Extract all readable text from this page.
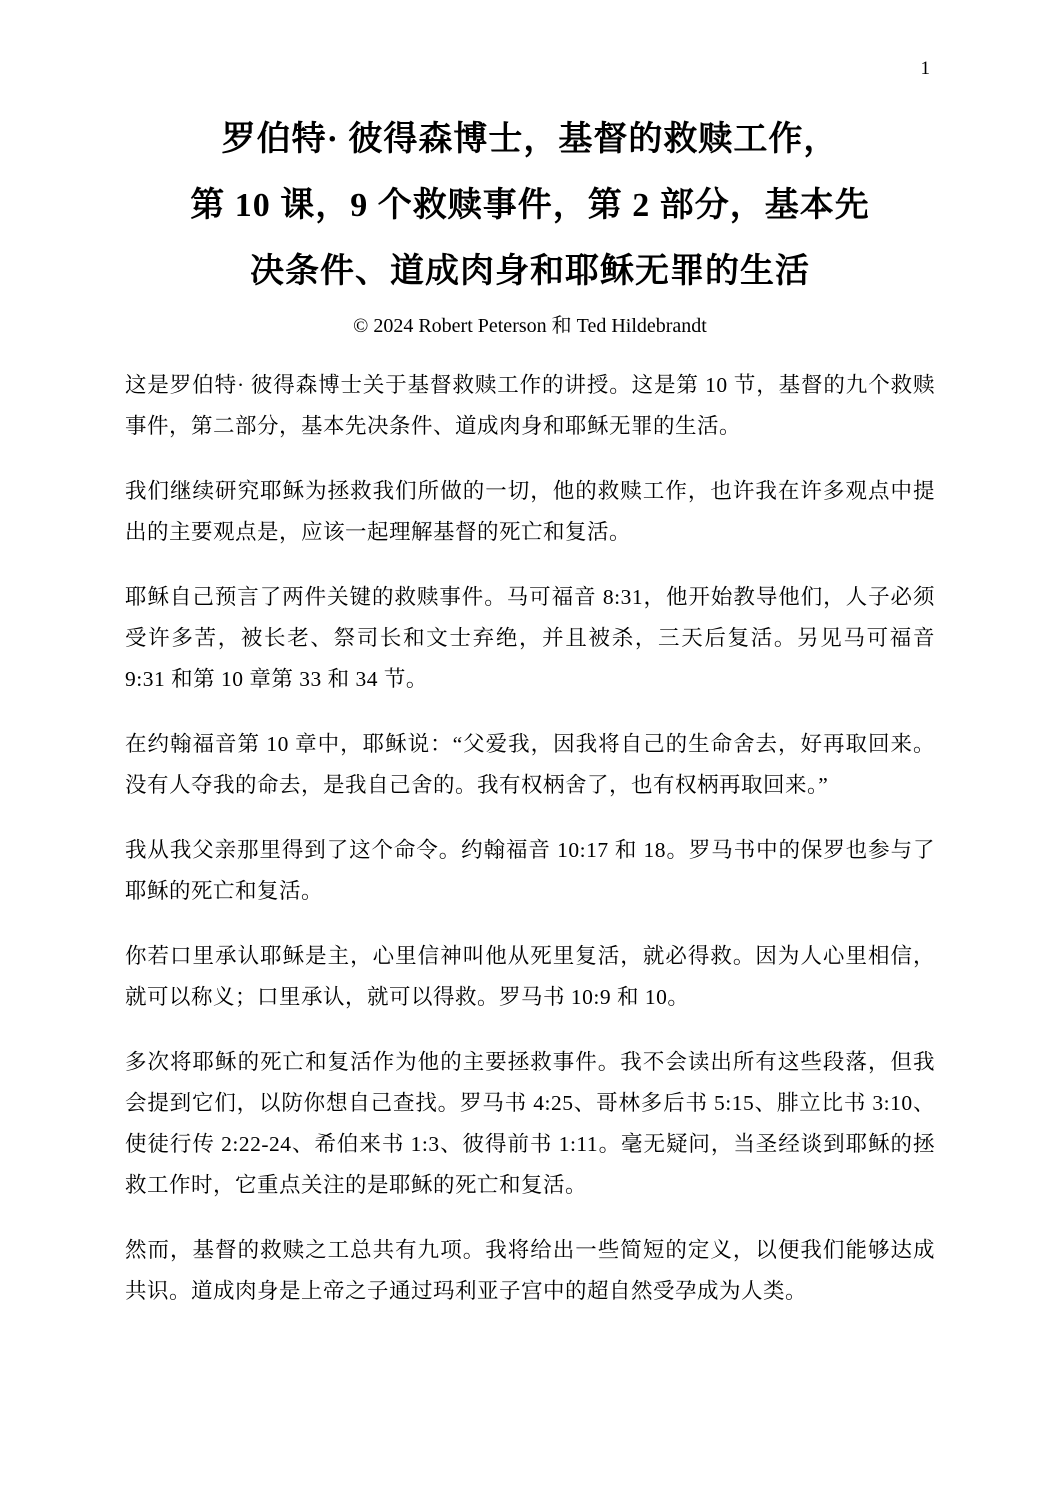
1
罗伯特· 彼得森博士，基督的救赎工作，
第 10 课，9 个救赎事件，第 2 部分，基本先
决条件、道成肉身和耶稣无罪的生活
© 2024 Robert Peterson 和 Ted Hildebrandt

这是罗伯特· 彼得森博士关于基督救赎工作的讲授。这是第 10 节，基督的九个救赎事件，第二部分，基本先决条件、道成肉身和耶稣无罪的生活。

我们继续研究耶稣为拯救我们所做的一切，他的救赎工作，也许我在许多观点中提出的主要观点是，应该一起理解基督的死亡和复活。

耶稣自己预言了两件关键的救赎事件。马可福音 8:31，他开始教导他们，人子必须受许多苦，被长老、祭司长和文士弃绝，并且被杀，三天后复活。另见马可福音 9:31 和第 10 章第 33 和 34 节。

在约翰福音第 10 章中，耶稣说：“父爱我，因我将自己的生命舍去，好再取回来。没有人夺我的命去，是我自己舍的。我有权柄舍了，也有权柄再取回来。”

我从我父亲那里得到了这个命令。约翰福音 10:17 和 18。罗马书中的保罗也参与了耶稣的死亡和复活。

你若口里承认耶稣是主，心里信神叫他从死里复活，就必得救。因为人心里相信，就可以称义；口里承认，就可以得救。罗马书 10:9 和 10。

多次将耶稣的死亡和复活作为他的主要拯救事件。我不会读出所有这些段落，但我会提到它们，以防你想自己查找。罗马书 4:25、哥林多后书 5:15、腓立比书 3:10、使徒行传 2:22-24、希伯来书 1:3、彼得前书 1:11。毫无疑问，当圣经谈到耶稣的拯救工作时，它重点关注的是耶稣的死亡和复活。

然而，基督的救赎之工总共有九项。我将给出一些简短的定义，以便我们能够达成共识。道成肉身是上帝之子通过玛利亚子宫中的超自然受孕成为人类。
